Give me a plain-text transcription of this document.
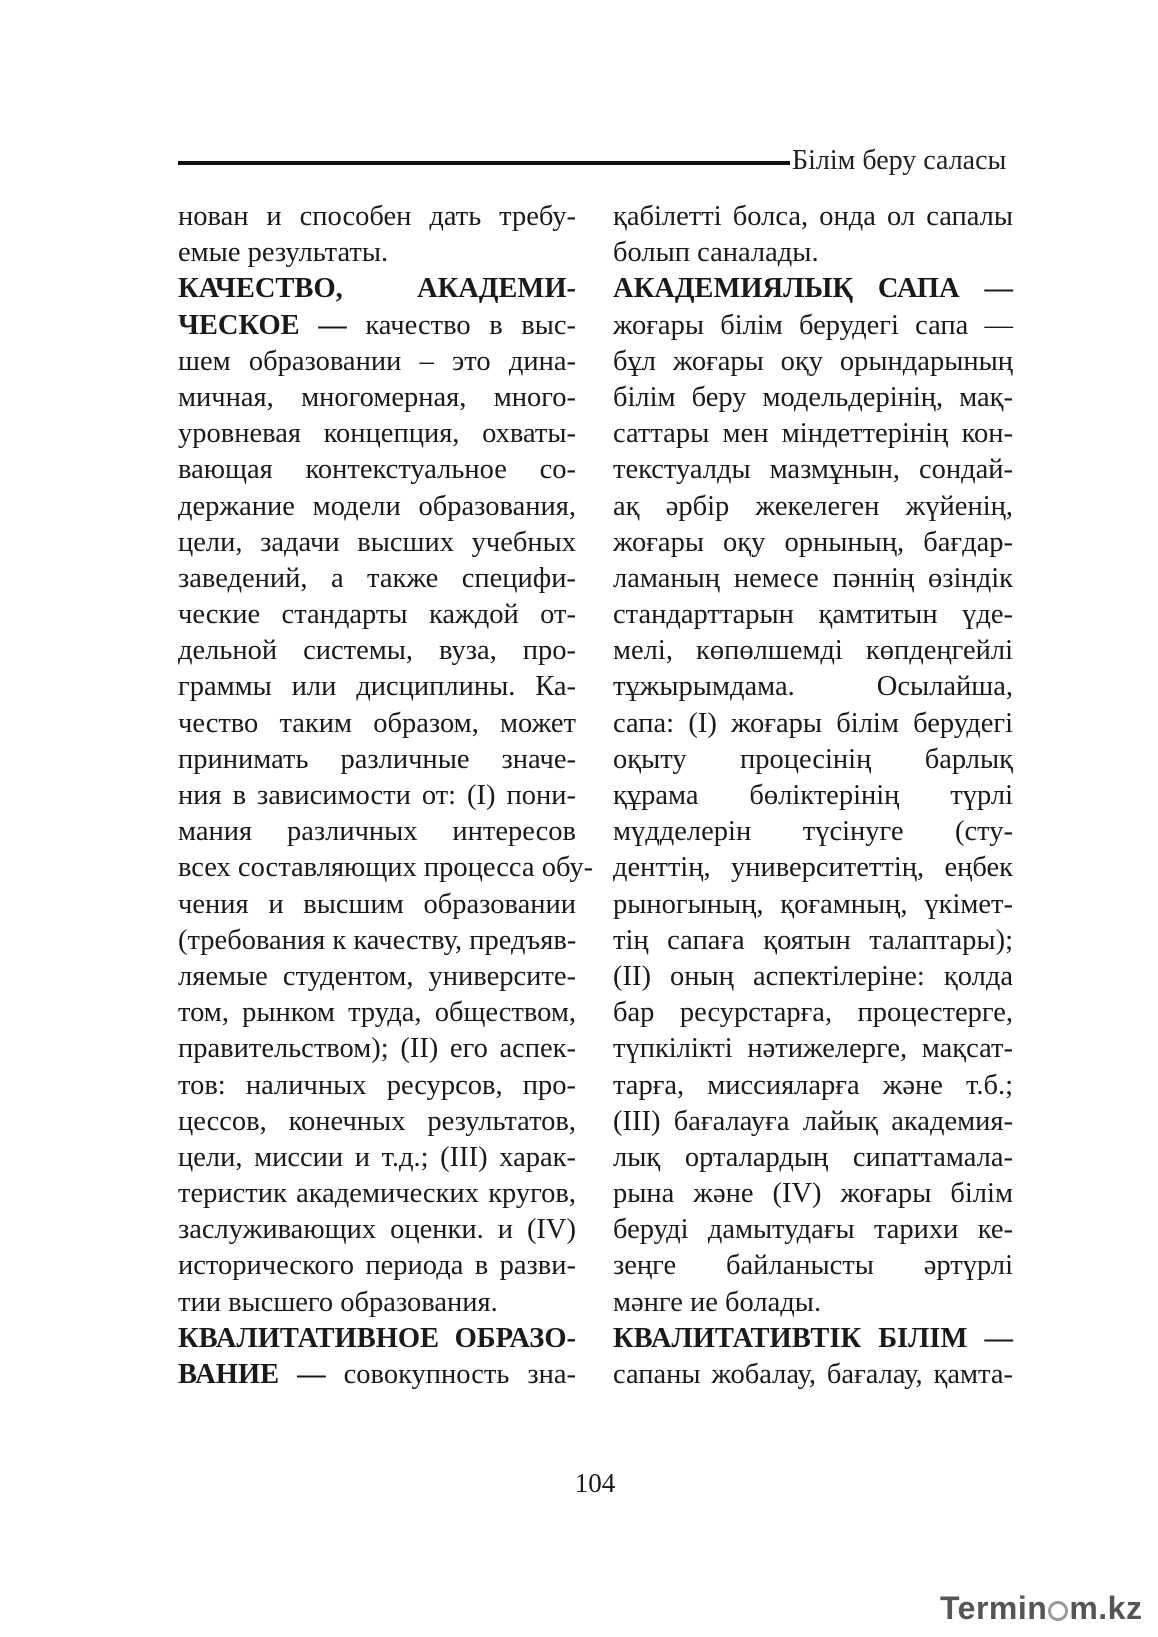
Білім беру саласы
нован и способен дать требу-
емые результаты.
КАЧЕСТВО, АКАДЕМИ-
ЧЕСКОЕ — качество в выс-
шем образовании – это дина-
мичная, многомерная, много-
уровневая концепция, охваты-
вающая контекстуальное со-
держание модели образования,
цели, задачи высших учебных
заведений, а также специфи-
ческие стандарты каждой от-
дельной системы, вуза, про-
граммы или дисциплины. Ка-
чество таким образом, может
принимать различные значе-
ния в зависимости от: (I) пони-
мания различных интересов
всех составляющих процесса обу-
чения и высшим образовании
(требования к качеству, предъяв-
ляемые студентом, университе-
том, рынком труда, обществом,
правительством); (II) его аспек-
тов: наличных ресурсов, про-
цессов, конечных результатов,
цели, миссии и т.д.; (III) харак-
теристик академических кругов,
заслуживающих оценки. и (IV)
исторического периода в разви-
тии высшего образования.
КВАЛИТАТИВНОЕ ОБРАЗО-
ВАНИЕ — совокупность зна-
қабілетті болса, онда ол сапалы
болып саналады.
АКАДЕМИЯЛЫҚ САПА —
жоғары білім берудегі сапа —
бұл жоғары оқу орындарының
білім беру модельдерінің, мақ-
саттары мен міндеттерінің кон-
текстуалды мазмұнын, сондай-
ақ әрбір жекелеген жүйенің,
жоғары оқу орнының, бағдар-
ламаның немесе пәннің өзіндік
стандарттарын қамтитын үде-
мелі, көпөлшемді көпдеңгейлі
тұжырымдама. Осылайша,
сапа: (I) жоғары білім берудегі
оқыту процесінің барлық
құрама бөліктерінің түрлі
мүдделерін түсінуге (сту-
денттің, университеттің, еңбек
рыногының, қоғамның, үкімет-
тің сапаға қоятын талаптары);
(II) оның аспектілеріне: қолда
бар ресурстарға, процестерге,
түпкілікті нәтижелерге, мақсат-
тарға, миссияларға және т.б.;
(III) бағалауға лайық академия-
лық орталардың сипаттамала-
рына және (IV) жоғары білім
беруді дамытудағы тарихи ке-
зеңге байланысты әртүрлі
мәнге ие болады.
КВАЛИТАТИВТІК БІЛІМ —
сапаны жобалау, бағалау, қамта-
104
Termin m.kz
